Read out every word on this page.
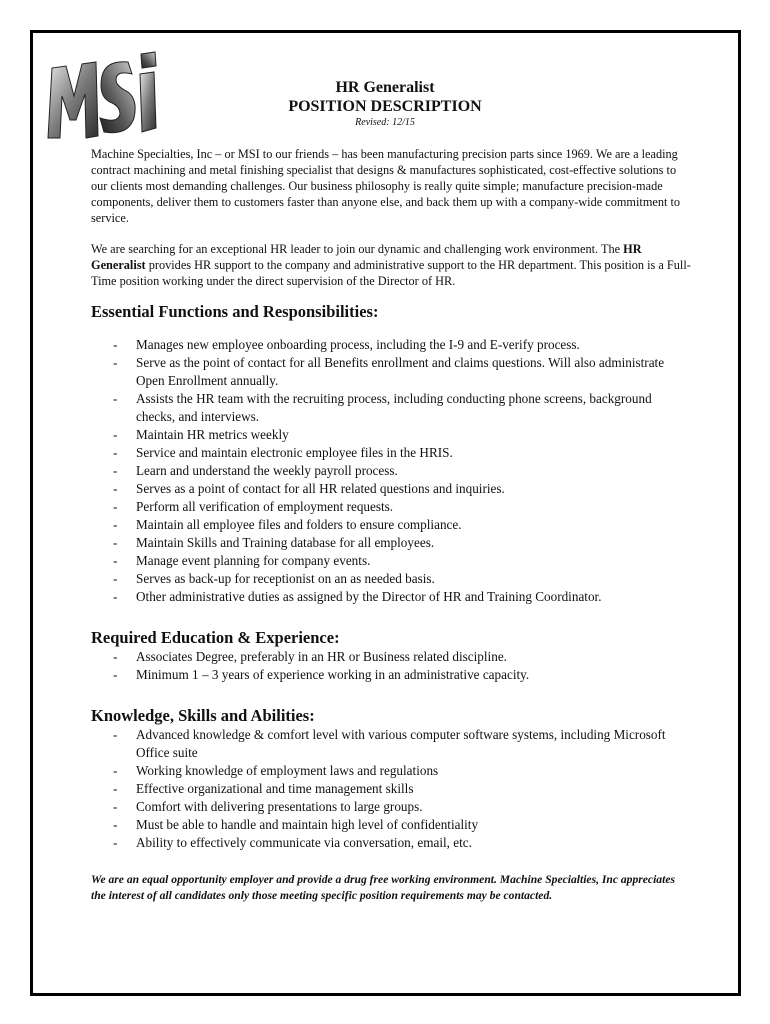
HR Generalist
POSITION DESCRIPTION
Revised: 12/15

Machine Specialties, Inc – or MSI to our friends – has been manufacturing precision parts since 1969. We are a leading contract machining and metal finishing specialist that designs & manufactures sophisticated, cost-effective solutions to our clients most demanding challenges. Our business philosophy is really quite simple; manufacture precision-made components, deliver them to customers faster than anyone else, and back them up with a company-wide commitment to service.

We are searching for an exceptional HR leader to join our dynamic and challenging work environment. The HR Generalist provides HR support to the company and administrative support to the HR department. This position is a Full-Time position working under the direct supervision of the Director of HR.

Essential Functions and Responsibilities:
- Manages new employee onboarding process, including the I-9 and E-verify process.
- Serve as the point of contact for all Benefits enrollment and claims questions. Will also administrate Open Enrollment annually.
- Assists the HR team with the recruiting process, including conducting phone screens, background checks, and interviews.
- Maintain HR metrics weekly
- Service and maintain electronic employee files in the HRIS.
- Learn and understand the weekly payroll process.
- Serves as a point of contact for all HR related questions and inquiries.
- Perform all verification of employment requests.
- Maintain all employee files and folders to ensure compliance.
- Maintain Skills and Training database for all employees.
- Manage event planning for company events.
- Serves as back-up for receptionist on an as needed basis.
- Other administrative duties as assigned by the Director of HR and Training Coordinator.
Required Education & Experience:
- Associates Degree, preferably in an HR or Business related discipline.
- Minimum 1 – 3 years of experience working in an administrative capacity.
Knowledge, Skills and Abilities:
- Advanced knowledge & comfort level with various computer software systems, including Microsoft Office suite
- Working knowledge of employment laws and regulations
- Effective organizational and time management skills
- Comfort with delivering presentations to large groups.
- Must be able to handle and maintain high level of confidentiality
- Ability to effectively communicate via conversation, email, etc.

We are an equal opportunity employer and provide a drug free working environment. Machine Specialties, Inc appreciates the interest of all candidates only those meeting specific position requirements may be contacted.
